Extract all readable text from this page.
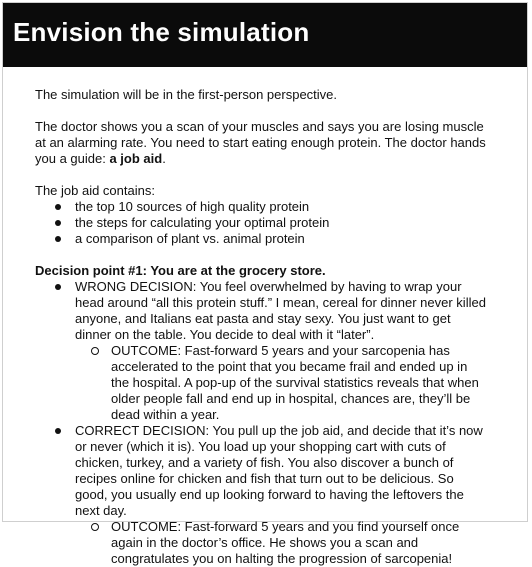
Envision the simulation

The simulation will be in the first-person perspective.

The doctor shows you a scan of your muscles and says you are losing muscle at an alarming rate. You need to start eating enough protein. The doctor hands you a guide: a job aid.

The job aid contains:

the top 10 sources of high quality protein
the steps for calculating your optimal protein
a comparison of plant vs. animal protein

Decision point #1: You are at the grocery store.

WRONG DECISION: You feel overwhelmed by having to wrap your head around “all this protein stuff.” I mean, cereal for dinner never killed anyone, and Italians eat pasta and stay sexy. You just want to get dinner on the table. You decide to deal with it “later”.
OUTCOME: Fast-forward 5 years and your sarcopenia has accelerated to the point that you became frail and ended up in the hospital. A pop-up of the survival statistics reveals that when older people fall and end up in hospital, chances are, they’ll be dead within a year.
CORRECT DECISION: You pull up the job aid, and decide that it’s now or never (which it is). You load up your shopping cart with cuts of chicken, turkey, and a variety of fish. You also discover a bunch of recipes online for chicken and fish that turn out to be delicious. So good, you usually end up looking forward to having the leftovers the next day.
OUTCOME: Fast-forward 5 years and you find yourself once again in the doctor’s office. He shows you a scan and congratulates you on halting the progression of sarcopenia!
